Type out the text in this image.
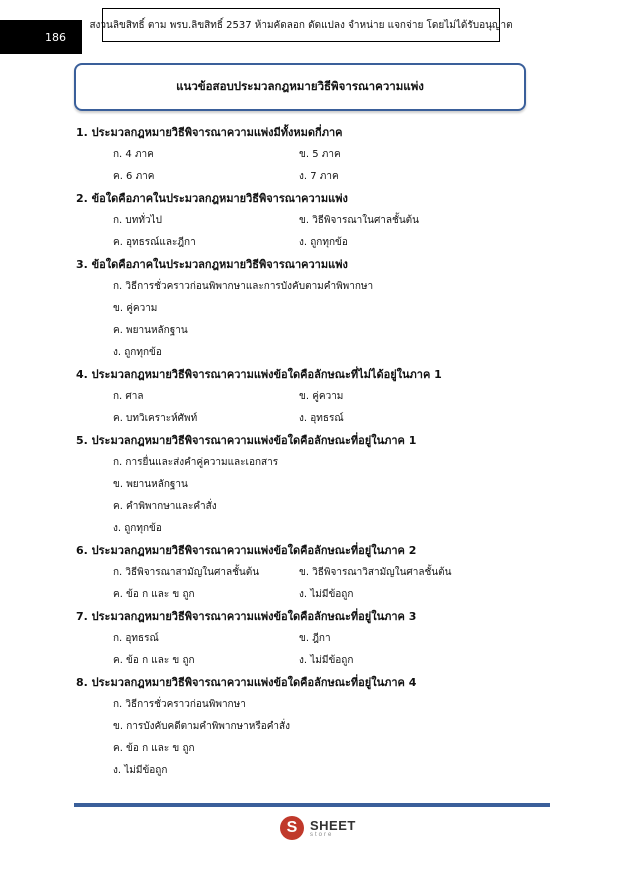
186
สงวนลิขสิทธิ์ ตาม พรบ.ลิขสิทธิ์ 2537 ห้ามคัดลอก ดัดแปลง จำหน่าย แจกจ่าย โดยไม่ได้รับอนุญาต
แนวข้อสอบประมวลกฎหมายวิธีพิจารณาความแพ่ง
1. ประมวลกฎหมายวิธีพิจารณาความแพ่งมีทั้งหมดกี่ภาค
ก. 4 ภาค	ข. 5 ภาค
ค. 6 ภาค	ง. 7 ภาค
2. ข้อใดคือภาคในประมวลกฎหมายวิธีพิจารณาความแพ่ง
ก. บททั่วไป	ข. วิธีพิจารณาในศาลชั้นต้น
ค. อุทธรณ์และฎีกา	ง. ถูกทุกข้อ
3. ข้อใดคือภาคในประมวลกฎหมายวิธีพิจารณาความแพ่ง
ก. วิธีการชั่วคราวก่อนพิพากษาและการบังคับตามคำพิพากษา
ข. คู่ความ
ค. พยานหลักฐาน
ง. ถูกทุกข้อ
4. ประมวลกฎหมายวิธีพิจารณาความแพ่งข้อใดคือลักษณะที่ไม่ได้อยู่ในภาค 1
ก. ศาล	ข. คู่ความ
ค. บทวิเคราะห์ศัพท์	ง. อุทธรณ์
5. ประมวลกฎหมายวิธีพิจารณาความแพ่งข้อใดคือลักษณะที่อยู่ในภาค 1
ก. การยื่นและส่งคำคู่ความและเอกสาร
ข. พยานหลักฐาน
ค. คำพิพากษาและคำสั่ง
ง. ถูกทุกข้อ
6. ประมวลกฎหมายวิธีพิจารณาความแพ่งข้อใดคือลักษณะที่อยู่ในภาค 2
ก. วิธีพิจารณาสามัญในศาลชั้นต้น	ข. วิธีพิจารณาวิสามัญในศาลชั้นต้น
ค. ข้อ ก และ ข ถูก	ง. ไม่มีข้อถูก
7. ประมวลกฎหมายวิธีพิจารณาความแพ่งข้อใดคือลักษณะที่อยู่ในภาค 3
ก. อุทธรณ์	ข. ฎีกา
ค. ข้อ ก และ ข ถูก	ง. ไม่มีข้อถูก
8. ประมวลกฎหมายวิธีพิจารณาความแพ่งข้อใดคือลักษณะที่อยู่ในภาค 4
ก. วิธีการชั่วคราวก่อนพิพากษา
ข. การบังคับคดีตามคำพิพากษาหรือคำสั่ง
ค. ข้อ ก และ ข ถูก
ง. ไม่มีข้อถูก
S SHEET
store
